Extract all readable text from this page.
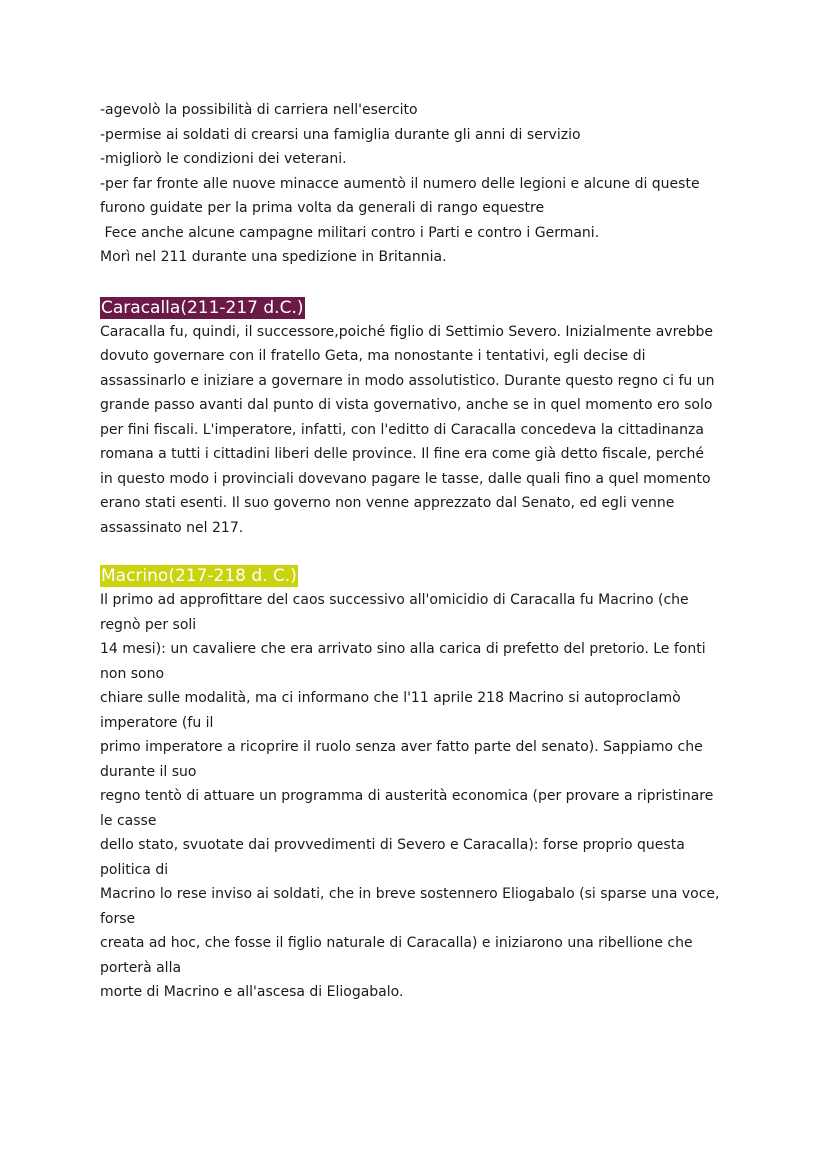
-agevolò la possibilità di carriera nell'esercito

-permise ai soldati di crearsi una famiglia durante gli anni di servizio

-migliorò le condizioni dei veterani.

-per far fronte alle nuove minacce aumentò il numero delle legioni e alcune di queste

furono guidate per la prima volta da generali di rango equestre

Fece anche alcune campagne militari contro i Parti e contro i Germani.

Morì nel 211 durante una spedizione in Britannia.

Caracalla(211-217 d.C.)

Caracalla fu, quindi, il successore,poiché figlio di Settimio Severo. Inizialmente avrebbe

dovuto governare con il fratello Geta, ma nonostante i tentativi, egli decise di

assassinarlo e iniziare a governare in modo assolutistico. Durante questo regno ci fu un

grande passo avanti dal punto di vista governativo, anche se in quel momento ero solo

per fini fiscali. L'imperatore, infatti, con l'editto di Caracalla concedeva la cittadinanza

romana a tutti i cittadini liberi delle province. Il fine era come già detto fiscale, perché

in questo modo i provinciali dovevano pagare le tasse, dalle quali fino a quel momento

erano stati esenti. Il suo governo non venne apprezzato dal Senato, ed egli venne

assassinato nel 217.

Macrino(217-218 d. C.)

Il primo ad approfittare del caos successivo all'omicidio di Caracalla fu Macrino (che

regnò per soli

14 mesi): un cavaliere che era arrivato sino alla carica di prefetto del pretorio. Le fonti

non sono

chiare sulle modalità, ma ci informano che l'11 aprile 218 Macrino si autoproclamò

imperatore (fu il

primo imperatore a ricoprire il ruolo senza aver fatto parte del senato). Sappiamo che

durante il suo

regno tentò di attuare un programma di austerità economica (per provare a ripristinare

le casse

dello stato, svuotate dai provvedimenti di Severo e Caracalla): forse proprio questa

politica di

Macrino lo rese inviso ai soldati, che in breve sostennero Eliogabalo (si sparse una voce,

forse

creata ad hoc, che fosse il figlio naturale di Caracalla) e iniziarono una ribellione che

porterà alla

morte di Macrino e all'ascesa di Eliogabalo.
